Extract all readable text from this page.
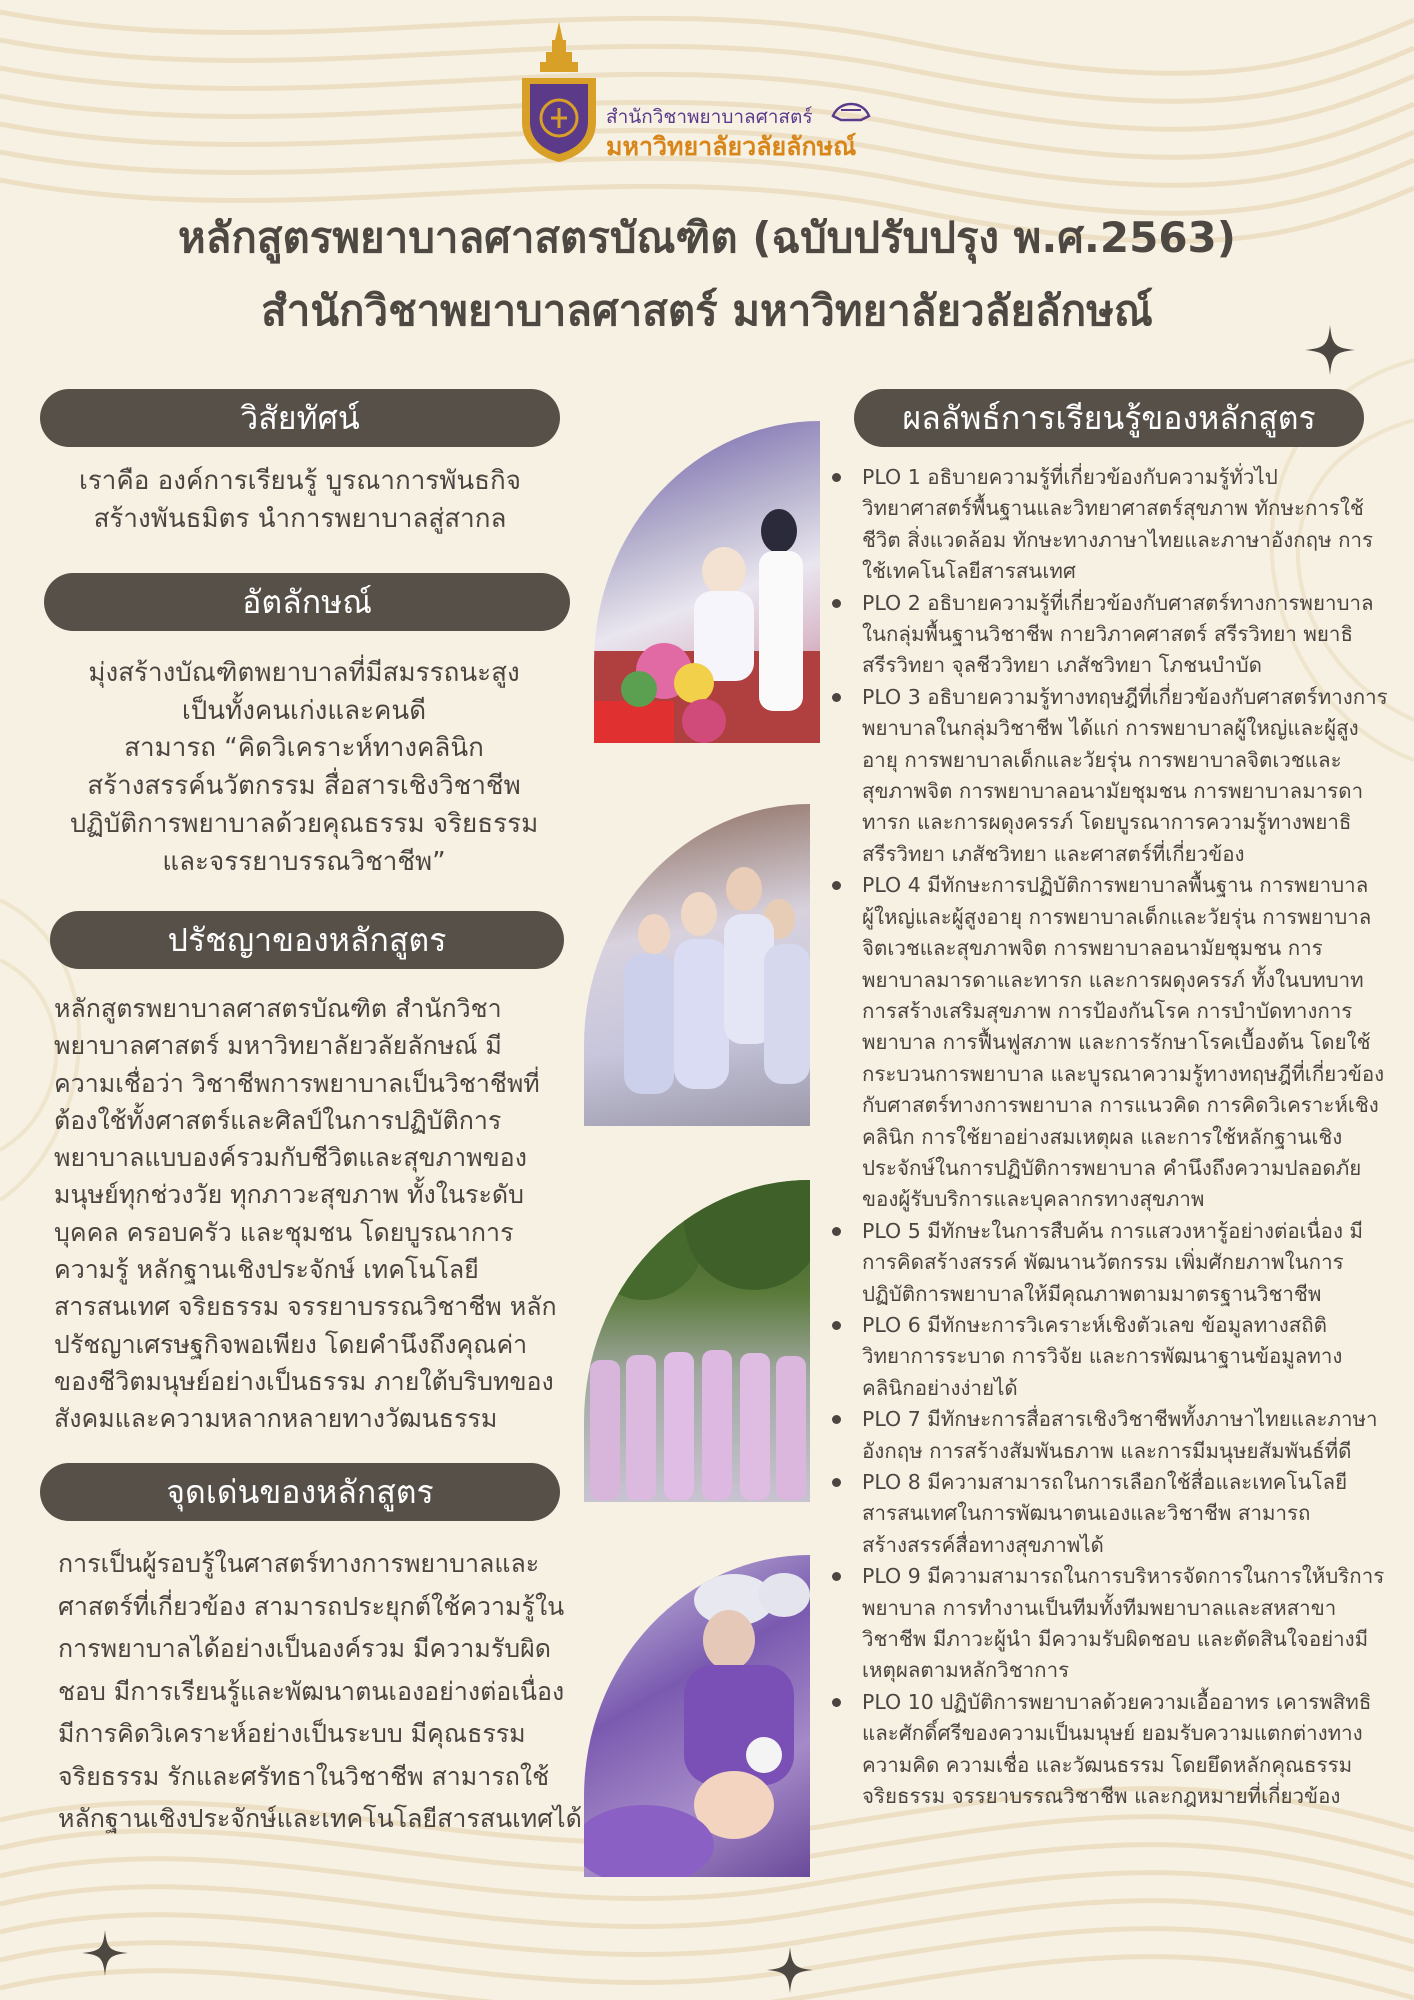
สำนักวิชาพยาบาลศาสตร์
มหาวิทยาลัยวลัยลักษณ์
หลักสูตรพยาบาลศาสตรบัณฑิต (ฉบับปรับปรุง พ.ศ.2563)
สำนักวิชาพยาบาลศาสตร์ มหาวิทยาลัยวลัยลักษณ์
วิสัยทัศน์
เราคือ องค์การเรียนรู้ บูรณาการพันธกิจ
สร้างพันธมิตร นำการพยาบาลสู่สากล
อัตลักษณ์
มุ่งสร้างบัณฑิตพยาบาลที่มีสมรรถนะสูง
เป็นทั้งคนเก่งและคนดี
สามารถ “คิดวิเคราะห์ทางคลินิก
สร้างสรรค์นวัตกรรม สื่อสารเชิงวิชาชีพ
ปฏิบัติการพยาบาลด้วยคุณธรรม จริยธรรม
และจรรยาบรรณวิชาชีพ”
ปรัชญาของหลักสูตร
หลักสูตรพยาบาลศาสตรบัณฑิต สำนักวิชา
พยาบาลศาสตร์ มหาวิทยาลัยวลัยลักษณ์ มี
ความเชื่อว่า วิชาชีพการพยาบาลเป็นวิชาชีพที่
ต้องใช้ทั้งศาสตร์และศิลป์ในการปฏิบัติการ
พยาบาลแบบองค์รวมกับชีวิตและสุขภาพของ
มนุษย์ทุกช่วงวัย ทุกภาวะสุขภาพ ทั้งในระดับ
บุคคล ครอบครัว และชุมชน โดยบูรณาการ
ความรู้ หลักฐานเชิงประจักษ์ เทคโนโลยี
สารสนเทศ จริยธรรม จรรยาบรรณวิชาชีพ หลัก
ปรัชญาเศรษฐกิจพอเพียง โดยคำนึงถึงคุณค่า
ของชีวิตมนุษย์อย่างเป็นธรรม ภายใต้บริบทของ
สังคมและความหลากหลายทางวัฒนธรรม
จุดเด่นของหลักสูตร
การเป็นผู้รอบรู้ในศาสตร์ทางการพยาบาลและ
ศาสตร์ที่เกี่ยวข้อง สามารถประยุกต์ใช้ความรู้ใน
การพยาบาลได้อย่างเป็นองค์รวม มีความรับผิด
ชอบ มีการเรียนรู้และพัฒนาตนเองอย่างต่อเนื่อง
มีการคิดวิเคราะห์อย่างเป็นระบบ มีคุณธรรม
จริยธรรม รักและศรัทธาในวิชาชีพ สามารถใช้
หลักฐานเชิงประจักษ์และเทคโนโลยีสารสนเทศได้
ผลลัพธ์การเรียนรู้ของหลักสูตร
PLO 1 อธิบายความรู้ที่เกี่ยวข้องกับความรู้ทั่วไป วิทยาศาสตร์พื้นฐานและวิทยาศาสตร์สุขภาพ ทักษะการใช้ชีวิต สิ่งแวดล้อม ทักษะทางภาษาไทยและภาษาอังกฤษ การใช้เทคโนโลยีสารสนเทศ
PLO 2 อธิบายความรู้ที่เกี่ยวข้องกับศาสตร์ทางการพยาบาลในกลุ่มพื้นฐานวิชาชีพ กายวิภาคศาสตร์ สรีรวิทยา พยาธิสรีรวิทยา จุลชีววิทยา เภสัชวิทยา โภชนบำบัด
PLO 3 อธิบายความรู้ทางทฤษฎีที่เกี่ยวข้องกับศาสตร์ทางการพยาบาลในกลุ่มวิชาชีพ ได้แก่ การพยาบาลผู้ใหญ่และผู้สูงอายุ การพยาบาลเด็กและวัยรุ่น การพยาบาลจิตเวชและสุขภาพจิต การพยาบาลอนามัยชุมชน การพยาบาลมารดา ทารก และการผดุงครรภ์ โดยบูรณาการความรู้ทางพยาธิสรีรวิทยา เภสัชวิทยา และศาสตร์ที่เกี่ยวข้อง
PLO 4 มีทักษะการปฏิบัติการพยาบาลพื้นฐาน การพยาบาลผู้ใหญ่และผู้สูงอายุ การพยาบาลเด็กและวัยรุ่น การพยาบาลจิตเวชและสุขภาพจิต การพยาบาลอนามัยชุมชน การพยาบาลมารดาและทารก และการผดุงครรภ์ ทั้งในบทบาทการสร้างเสริมสุขภาพ การป้องกันโรค การบำบัดทางการพยาบาล การฟื้นฟูสภาพ และการรักษาโรคเบื้องต้น โดยใช้กระบวนการพยาบาล และบูรณาความรู้ทางทฤษฎีที่เกี่ยวข้องกับศาสตร์ทางการพยาบาล การแนวคิด การคิดวิเคราะห์เชิงคลินิก การใช้ยาอย่างสมเหตุผล และการใช้หลักฐานเชิงประจักษ์ในการปฏิบัติการพยาบาล คำนึงถึงความปลอดภัยของผู้รับบริการและบุคลากรทางสุขภาพ
PLO 5 มีทักษะในการสืบค้น การแสวงหารู้อย่างต่อเนื่อง มีการคิดสร้างสรรค์ พัฒนานวัตกรรม เพิ่มศักยภาพในการปฏิบัติการพยาบาลให้มีคุณภาพตามมาตรฐานวิชาชีพ
PLO 6 มีทักษะการวิเคราะห์เชิงตัวเลข ข้อมูลทางสถิติ วิทยาการระบาด การวิจัย และการพัฒนาฐานข้อมูลทางคลินิกอย่างง่ายได้
PLO 7 มีทักษะการสื่อสารเชิงวิชาชีพทั้งภาษาไทยและภาษาอังกฤษ การสร้างสัมพันธภาพ และการมีมนุษยสัมพันธ์ที่ดี
PLO 8 มีความสามารถในการเลือกใช้สื่อและเทคโนโลยีสารสนเทศในการพัฒนาตนเองและวิชาชีพ สามารถสร้างสรรค์สื่อทางสุขภาพได้
PLO 9 มีความสามารถในการบริหารจัดการในการให้บริการพยาบาล การทำงานเป็นทีมทั้งทีมพยาบาลและสหสาขาวิชาชีพ มีภาวะผู้นำ มีความรับผิดชอบ และตัดสินใจอย่างมีเหตุผลตามหลักวิชาการ
PLO 10 ปฏิบัติการพยาบาลด้วยความเอื้ออาทร เคารพสิทธิและศักดิ์ศรีของความเป็นมนุษย์ ยอมรับความแตกต่างทางความคิด ความเชื่อ และวัฒนธรรม โดยยึดหลักคุณธรรม จริยธรรม จรรยาบรรณวิชาชีพ และกฎหมายที่เกี่ยวข้อง
